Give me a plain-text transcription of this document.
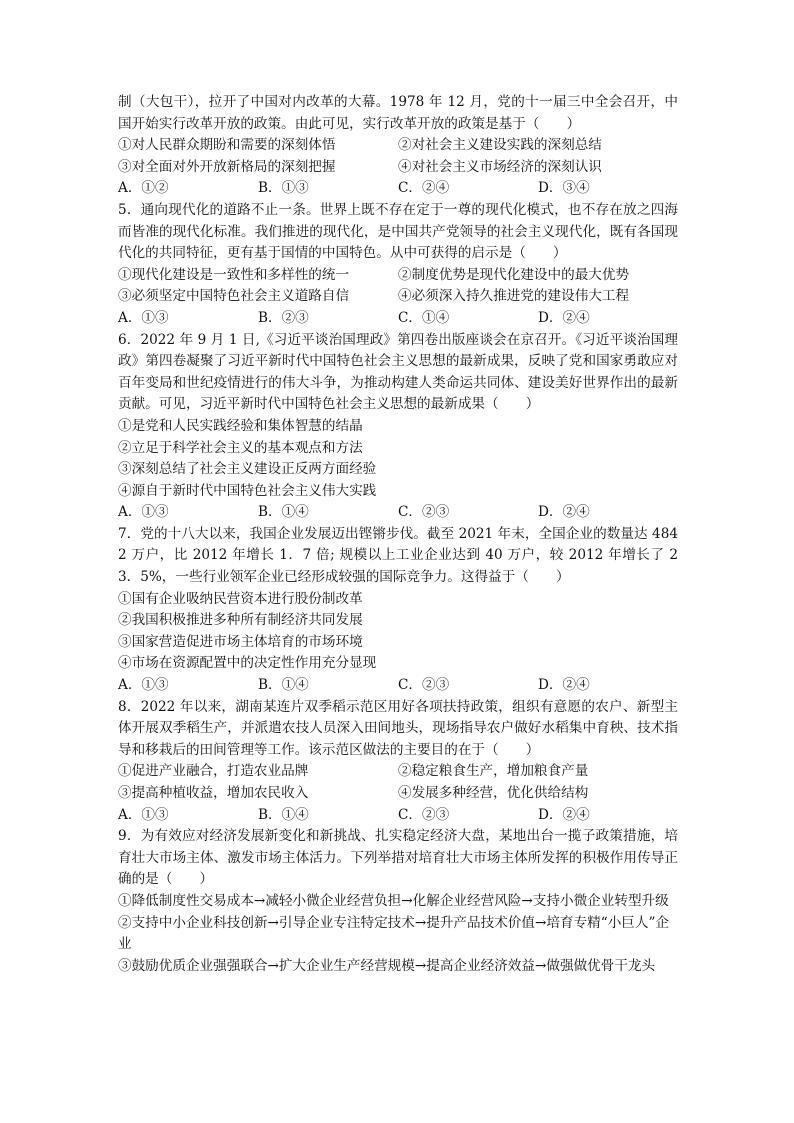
制（大包干），拉开了中国对内改革的大幕。1978 年 12 月，党的十一届三中全会召开，中国开始实行改革开放的政策。由此可见，实行改革开放的政策是基于（　　）

①对人民群众期盼和需要的深刻体悟	②对社会主义建设实践的深刻总结
③对全面对外开放新格局的深刻把握	④对社会主义市场经济的深刻认识
A．①②	B．①③	C．②④	D．③④

5．通向现代化的道路不止一条。世界上既不存在定于一尊的现代化模式，也不存在放之四海而皆准的现代化标准。我们推进的现代化，是中国共产党领导的社会主义现代化，既有各国现代化的共同特征，更有基于国情的中国特色。从中可获得的启示是（　　）

①现代化建设是一致性和多样性的统一	②制度优势是现代化建设中的最大优势
③必须坚定中国特色社会主义道路自信	④必须深入持久推进党的建设伟大工程
A．①③	B．②③	C．①④	D．②④

6．2022 年 9 月 1 日,《习近平谈治国理政》第四卷出版座谈会在京召开。《习近平谈治国理政》第四卷凝聚了习近平新时代中国特色社会主义思想的最新成果，反映了党和国家勇敢应对百年变局和世纪疫情进行的伟大斗争，为推动构建人类命运共同体、建设美好世界作出的最新贡献。可见，习近平新时代中国特色社会主义思想的最新成果（　　）

①是党和人民实践经验和集体智慧的结晶
②立足于科学社会主义的基本观点和方法
③深刻总结了社会主义建设正反两方面经验
④源自于新时代中国特色社会主义伟大实践
A．①③	B．①④	C．②③	D．②④

7．党的十八大以来，我国企业发展迈出铿锵步伐。截至 2021 年末，全国企业的数量达 4842 万户，比 2012 年增长 1．7 倍; 规模以上工业企业达到 40 万户，较 2012 年增长了 23．5%，一些行业领军企业已经形成较强的国际竞争力。这得益于（　　）

①国有企业吸纳民营资本进行股份制改革
②我国积极推进多种所有制经济共同发展
③国家营造促进市场主体培育的市场环境
④市场在资源配置中的决定性作用充分显现
A．①③	B．①④	C．②③	D．②④

8．2022 年以来，湖南某连片双季稻示范区用好各项扶持政策，组织有意愿的农户、新型主体开展双季稻生产，并派遣农技人员深入田间地头，现场指导农户做好水稻集中育秧、技术指导和移栽后的田间管理等工作。该示范区做法的主要目的在于（　　）

①促进产业融合，打造农业品牌	②稳定粮食生产，增加粮食产量
③提高种植收益，增加农民收入	④发展多种经营，优化供给结构
A．①③	B．①④	C．②③	D．②④

9．为有效应对经济发展新变化和新挑战、扎实稳定经济大盘，某地出台一揽子政策措施，培育壮大市场主体、激发市场主体活力。下列举措对培育壮大市场主体所发挥的积极作用传导正确的是（　　）

①降低制度性交易成本→减轻小微企业经营负担→化解企业经营风险→支持小微企业转型升级

②支持中小企业科技创新→引导企业专注特定技术→提升产品技术价值→培育专精“小巨人”企业

③鼓励优质企业强强联合→扩大企业生产经营规模→提高企业经济效益→做强做优骨干龙头
